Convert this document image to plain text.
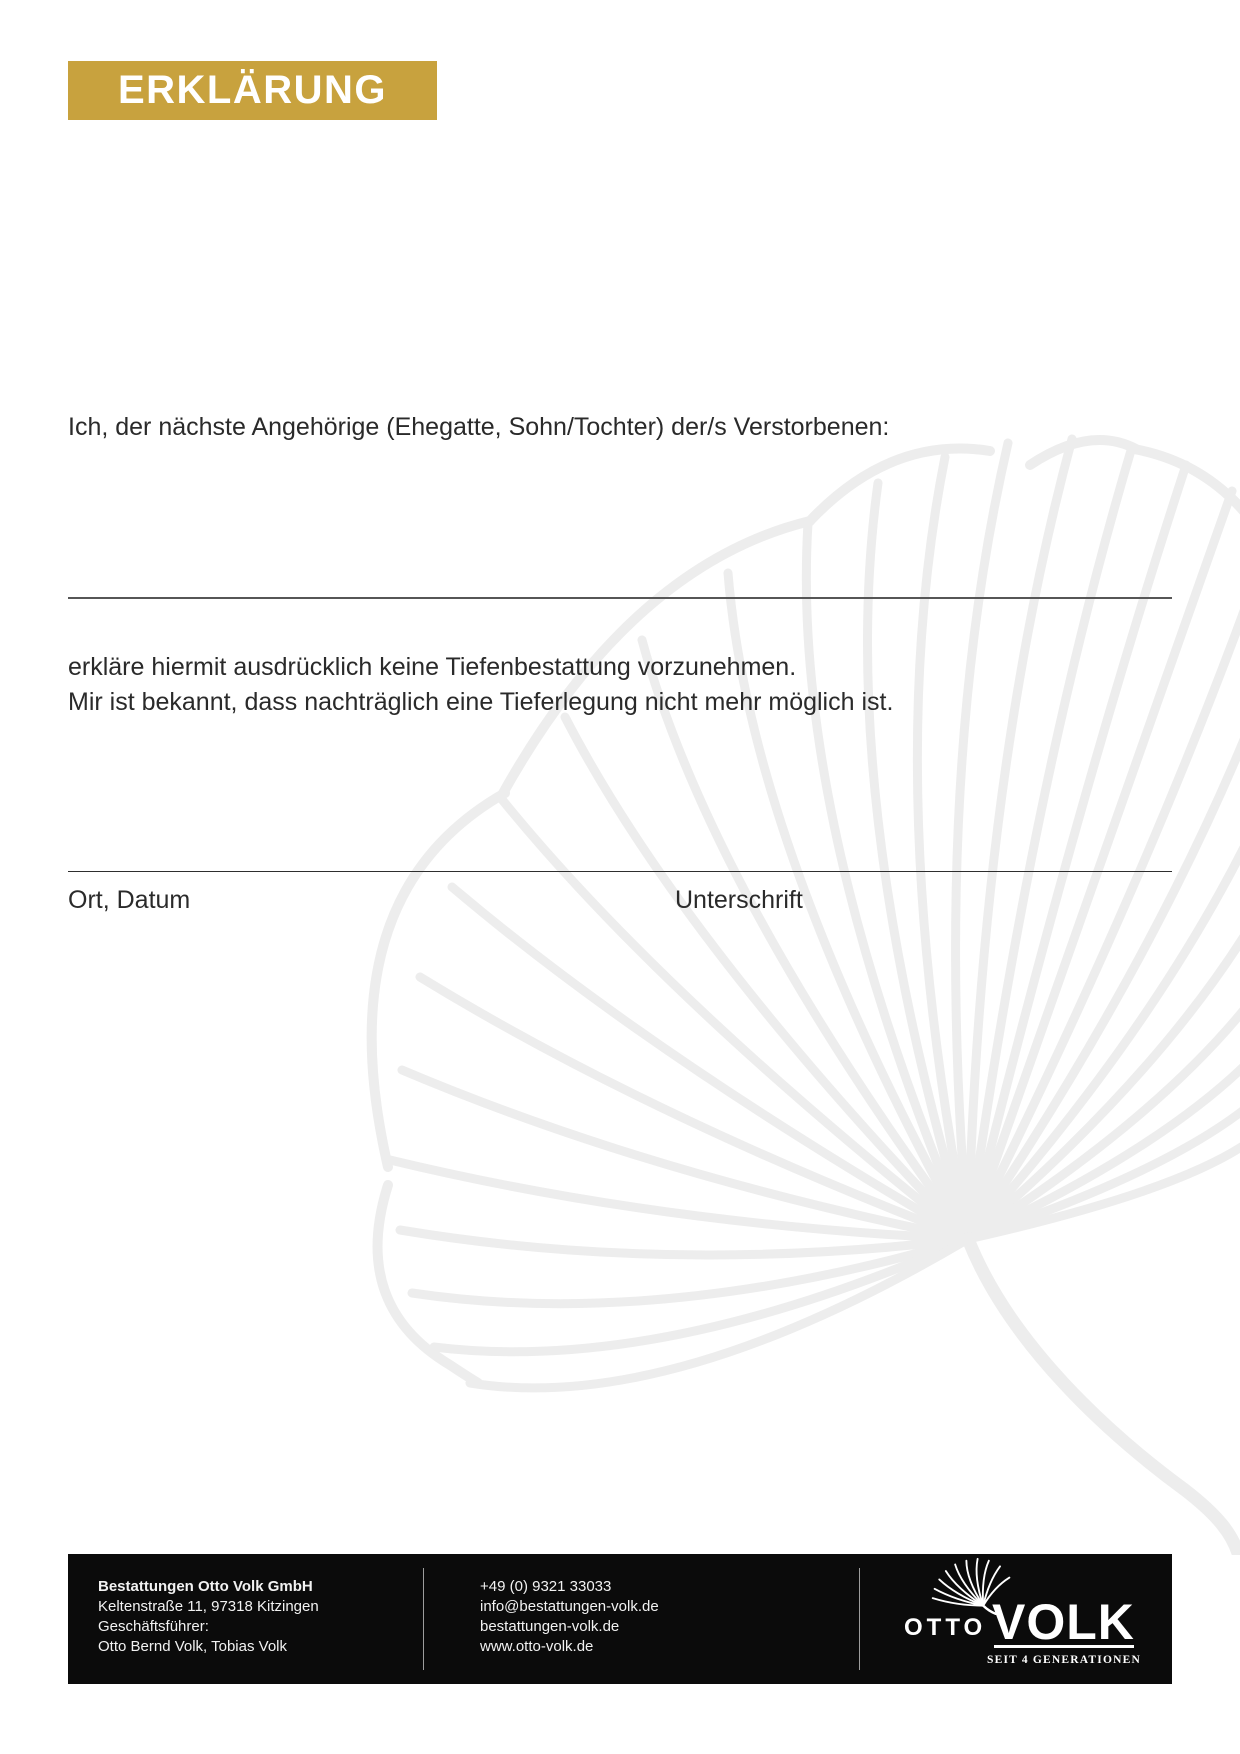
ERKLÄRUNG
Ich, der nächste Angehörige (Ehegatte, Sohn/Tochter) der/s Verstorbenen:
erkläre hiermit ausdrücklich keine Tiefenbestattung vorzunehmen.
Mir ist bekannt, dass nachträglich eine Tieferlegung nicht mehr möglich ist.
Ort, Datum	Unterschrift
Bestattungen Otto Volk GmbH
Keltenstraße 11, 97318 Kitzingen
Geschäftsführer:
Otto Bernd Volk, Tobias Volk
+49 (0) 9321 33033
info@bestattungen-volk.de
bestattungen-volk.de
www.otto-volk.de
OTTO VOLK
SEIT 4 GENERATIONEN
